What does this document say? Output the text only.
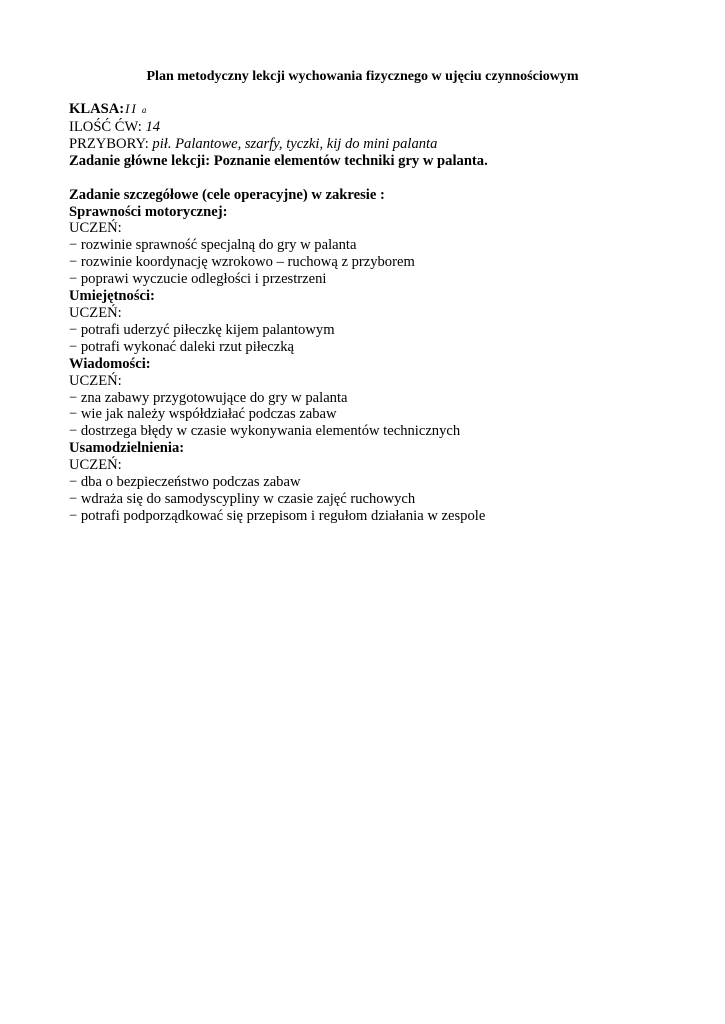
Plan metodyczny lekcji wychowania fizycznego w ujęciu czynnościowym
KLASA:II a
ILOŚĆ ĆW: 14
PRZYBORY: pił. Palantowe, szarfy, tyczki, kij do mini palanta
Zadanie główne lekcji: Poznanie elementów techniki gry w palanta.
Zadanie szczegółowe (cele operacyjne) w zakresie :
Sprawności motorycznej:
UCZEŃ:
− rozwinie sprawność specjalną do gry w palanta
− rozwinie koordynację wzrokowo – ruchową z przyborem
− poprawi wyczucie odległości i przestrzeni
Umiejętności:
UCZEŃ:
− potrafi uderzyć piłeczkę kijem palantowym
− potrafi wykonać daleki rzut piłeczką
Wiadomości:
UCZEŃ:
− zna zabawy przygotowujące do gry w palanta
− wie jak należy współdziałać podczas zabaw
− dostrzega błędy w czasie wykonywania elementów technicznych
Usamodzielnienia:
UCZEŃ:
− dba o bezpieczeństwo podczas zabaw
− wdraża się do samodyscypliny w czasie zajęć ruchowych
− potrafi podporządkować się przepisom i regułom działania w zespole
